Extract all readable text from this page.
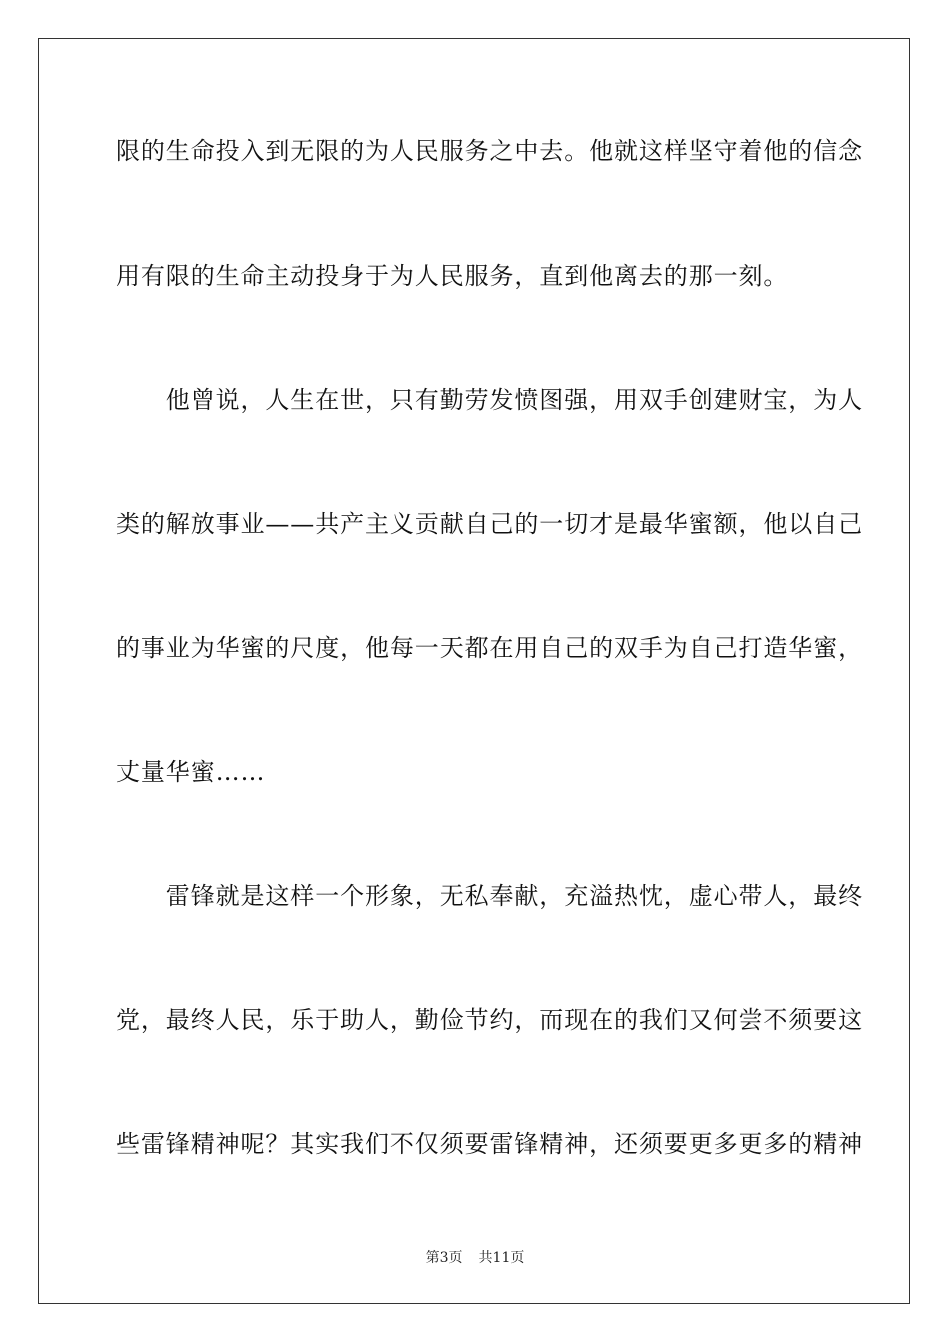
限的生命投入到无限的为人民服务之中去。他就这样坚守着他的信念
用有限的生命主动投身于为人民服务，直到他离去的那一刻。
　　他曾说，人生在世，只有勤劳发愤图强，用双手创建财宝，为人
类的解放事业——共产主义贡献自己的一切才是最华蜜额，他以自己
的事业为华蜜的尺度，他每一天都在用自己的双手为自己打造华蜜，
丈量华蜜……
　　雷锋就是这样一个形象，无私奉献，充溢热忱，虚心带人，最终
党，最终人民，乐于助人，勤俭节约，而现在的我们又何尝不须要这
些雷锋精神呢？其实我们不仅须要雷锋精神，还须要更多更多的精神
第3页 共11页
